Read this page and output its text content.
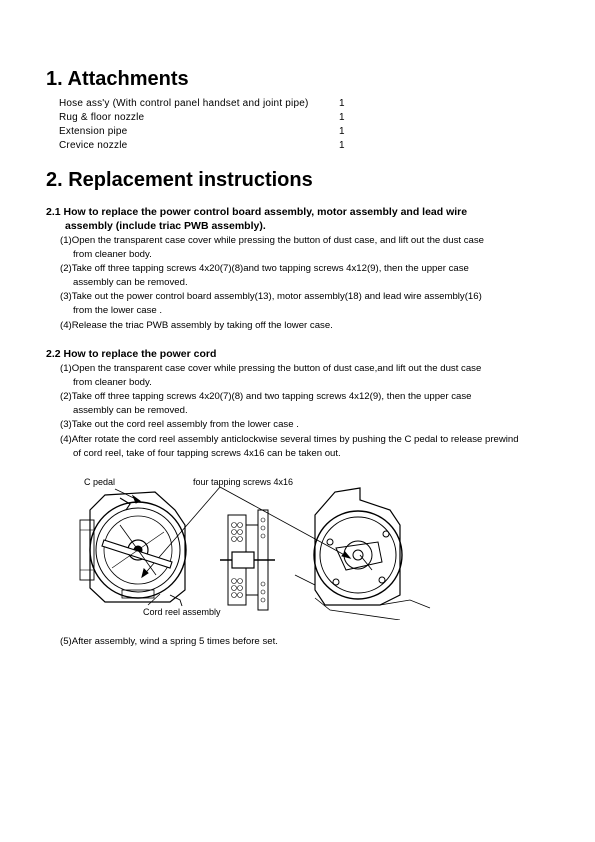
1. Attachments
Hose ass'y (With control panel handset and joint pipe)	1
Rug & floor nozzle	1
Extension pipe	1
Crevice nozzle	1
2. Replacement instructions
2.1 How to replace the power control board assembly, motor assembly and lead wire
assembly (include triac PWB assembly).
(1)Open the transparent case cover while pressing the button of dust case, and lift out the dust case
from cleaner body.
(2)Take off three tapping screws 4x20(7)(8)and two tapping screws 4x12(9), then the upper case
assembly can be removed.
(3)Take out the power control board assembly(13), motor assembly(18) and lead wire assembly(16)
from the lower case .
(4)Release the triac PWB assembly by taking off the lower case.
2.2 How to replace the power cord
(1)Open the transparent case cover while pressing the button of dust case,and lift out the dust case
from cleaner body.
(2)Take off three tapping screws 4x20(7)(8) and two tapping screws 4x12(9), then the upper case
assembly can be removed.
(3)Take out the cord reel assembly from the lower case .
(4)After rotate the cord reel assembly anticlockwise several times by pushing the C pedal to release prewind
of cord reel, take of four tapping screws 4x16 can be taken out.
C pedal	four tapping screws 4x16
Cord reel assembly
(5)After assembly, wind a spring 5 times before set.
